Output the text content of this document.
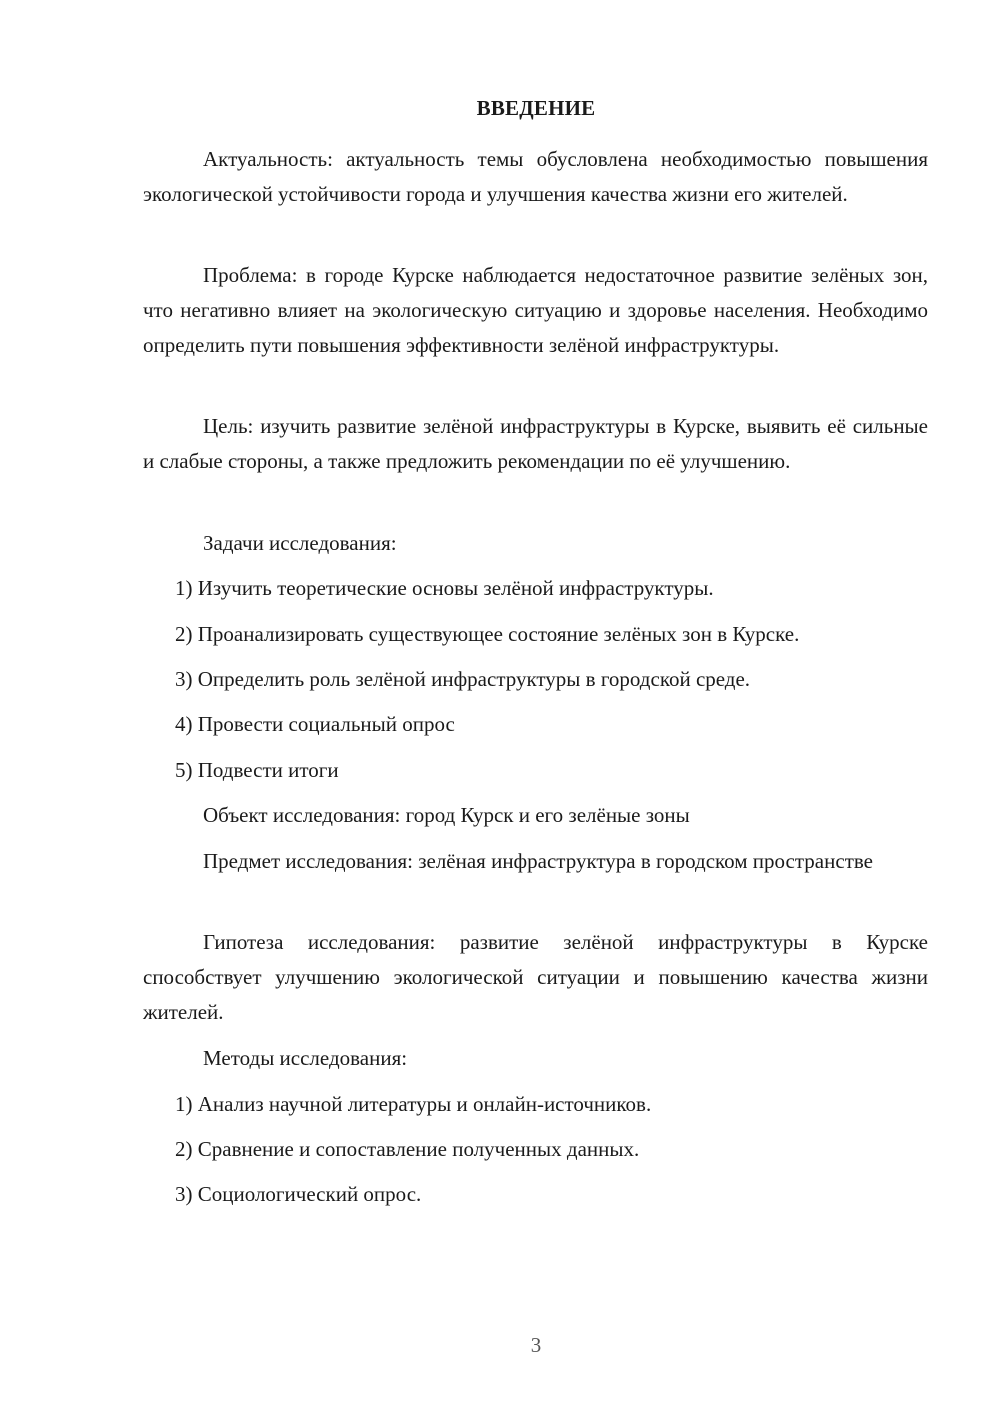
ВВЕДЕНИЕ

Актуальность: актуальность темы обусловлена необходимостью повышения экологической устойчивости города и улучшения качества жизни его жителей.

Проблема: в городе Курске наблюдается недостаточное развитие зелёных зон, что негативно влияет на экологическую ситуацию и здоровье населения. Необходимо определить пути повышения эффективности зелёной инфраструктуры.

Цель: изучить развитие зелёной инфраструктуры в Курске, выявить её сильные и слабые стороны, а также предложить рекомендации по её улучшению.

Задачи исследования:

1) Изучить теоретические основы зелёной инфраструктуры.

2) Проанализировать существующее состояние зелёных зон в Курске.

3) Определить роль зелёной инфраструктуры в городской среде.

4) Провести социальный опрос

5) Подвести итоги

Объект исследования: город Курск и его зелёные зоны

Предмет исследования: зелёная инфраструктура в городском пространстве

Гипотеза исследования: развитие зелёной инфраструктуры в Курске способствует улучшению экологической ситуации и повышению качества жизни жителей.

Методы исследования:

1) Анализ научной литературы и онлайн-источников.

2) Сравнение и сопоставление полученных данных.

3) Социологический опрос.

3
